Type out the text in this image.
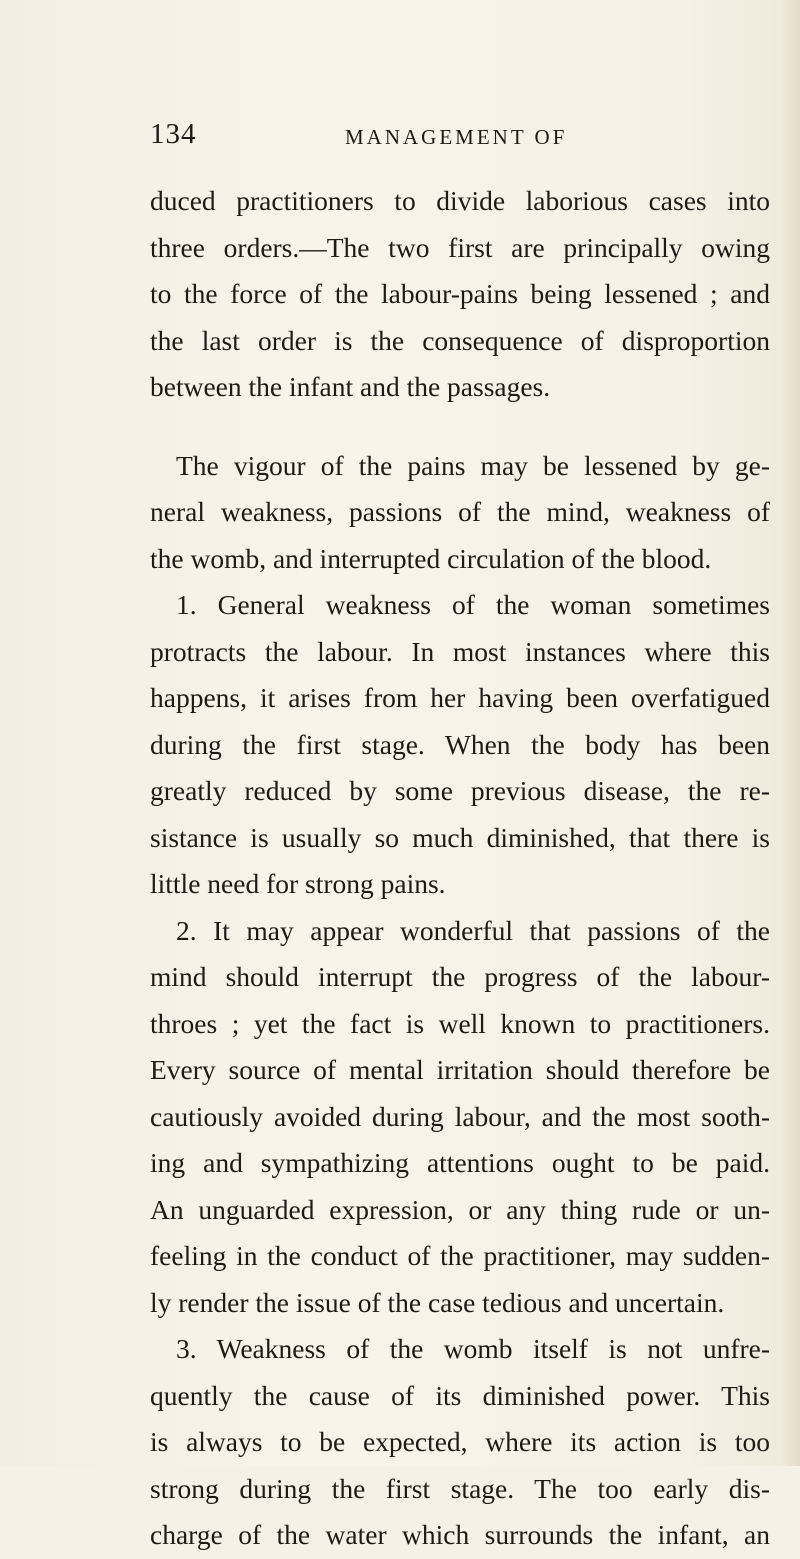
134	MANAGEMENT OF
duced practitioners to divide laborious cases into
three orders.—The two first are principally owing
to the force of the labour-pains being lessened ; and
the last order is the consequence of disproportion
between the infant and the passages.
The vigour of the pains may be lessened by ge-
neral weakness, passions of the mind, weakness of
the womb, and interrupted circulation of the blood.
1. General weakness of the woman sometimes
protracts the labour. In most instances where this
happens, it arises from her having been overfatigued
during the first stage. When the body has been
greatly reduced by some previous disease, the re-
sistance is usually so much diminished, that there is
little need for strong pains.
2. It may appear wonderful that passions of the
mind should interrupt the progress of the labour-
throes ; yet the fact is well known to practitioners.
Every source of mental irritation should therefore be
cautiously avoided during labour, and the most sooth-
ing and sympathizing attentions ought to be paid.
An unguarded expression, or any thing rude or un-
feeling in the conduct of the practitioner, may sudden-
ly render the issue of the case tedious and uncertain.
3. Weakness of the womb itself is not unfre-
quently the cause of its diminished power. This
is always to be expected, where its action is too
strong during the first stage. The too early dis-
charge of the water which surrounds the infant, an
